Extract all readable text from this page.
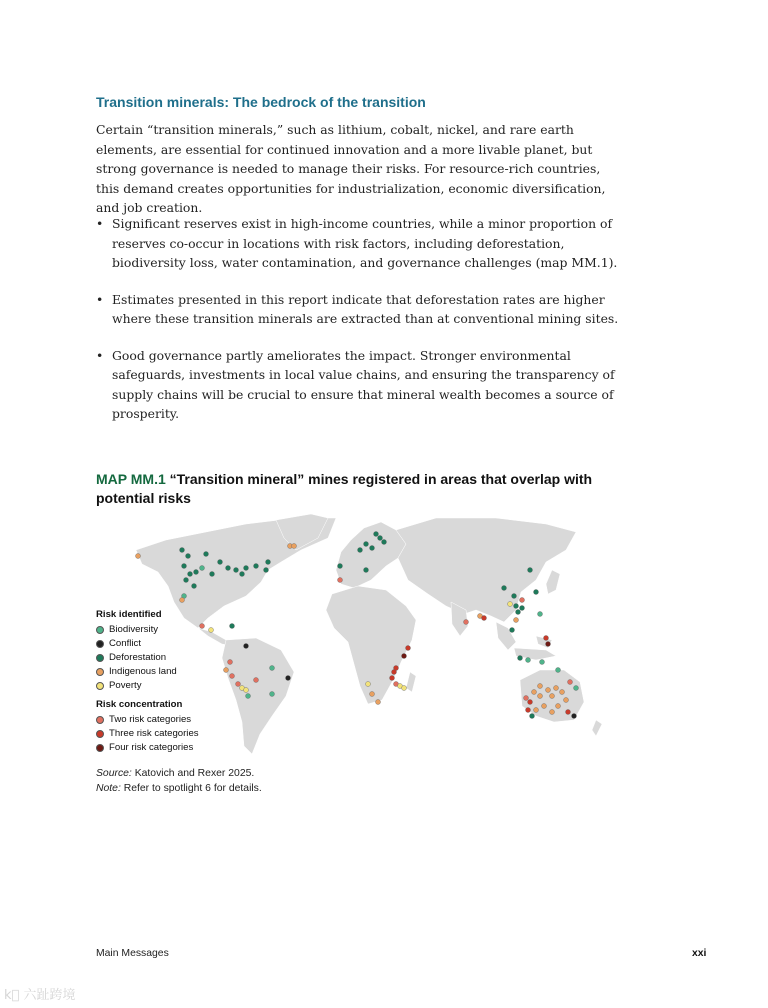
Transition minerals: The bedrock of the transition

Certain “transition minerals,” such as lithium, cobalt, nickel, and rare earth elements, are essential for continued innovation and a more livable planet, but strong governance is needed to manage their risks. For resource-rich countries, this demand creates opportunities for industrialization, economic diversification, and job creation.

• Significant reserves exist in high-income countries, while a minor proportion of reserves co-occur in locations with risk factors, including deforestation, biodiversity loss, water contamination, and governance challenges (map MM.1).
• Estimates presented in this report indicate that deforestation rates are higher where these transition minerals are extracted than at conventional mining sites.
• Good governance partly ameliorates the impact. Stronger environmental safeguards, investments in local value chains, and ensuring the transparency of supply chains will be crucial to ensure that mineral wealth becomes a source of prosperity.

MAP MM.1 “Transition mineral” mines registered in areas that overlap with potential risks

Risk identified
Biodiversity
Conflict
Deforestation
Indigenous land
Poverty
Risk concentration
Two risk categories
Three risk categories
Four risk categories
Source: Katovich and Rexer 2025.
Note: Refer to spotlight 6 for details.
Main Messages	xxi
k⃝ 六趾跨境
